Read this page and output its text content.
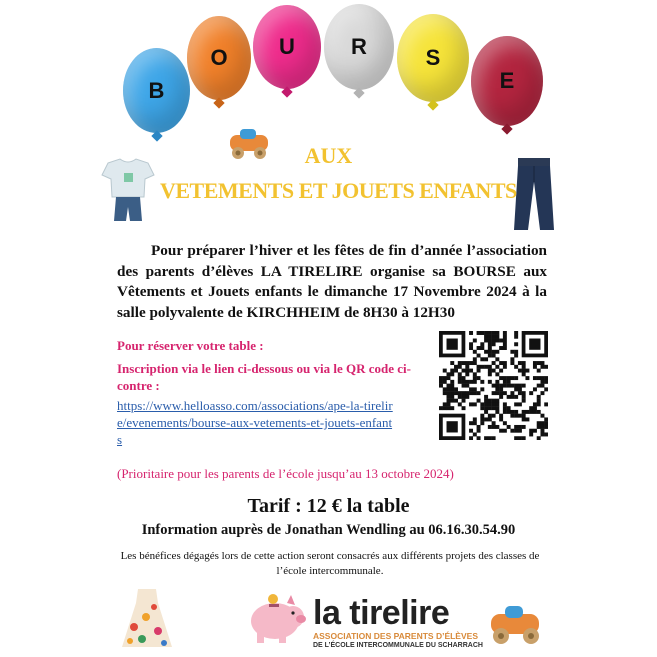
B
O U	R	S
E
AUX
VETEMENTS ET JOUETS ENFANTS
Pour préparer l’hiver et les fêtes de fin d’année l’association des parents d’élèves LA TIRELIRE organise sa BOURSE aux Vêtements et Jouets enfants le dimanche 17 Novembre 2024 à la salle polyvalente de KIRCHHEIM de 8H30 à 12H30
Pour réserver votre table :
Inscription via le lien ci-dessous ou via le QR code ci-contre :
https://www.helloasso.com/associations/ape-la-tirelire/evenements/bourse-aux-vetements-et-jouets-enfants
(Prioritaire pour les parents de l’école jusqu’au 13 octobre 2024)
Tarif : 12 € la table
Information auprès de Jonathan Wendling au 06.16.30.54.90
Les bénéfices dégagés lors de cette action seront consacrés aux différents projets des classes de l’école intercommunale.
la tirelire
ASSOCIATION DES PARENTS D’ÉLÈVES
DE L’ÉCOLE INTERCOMMUNALE DU SCHARRACH
